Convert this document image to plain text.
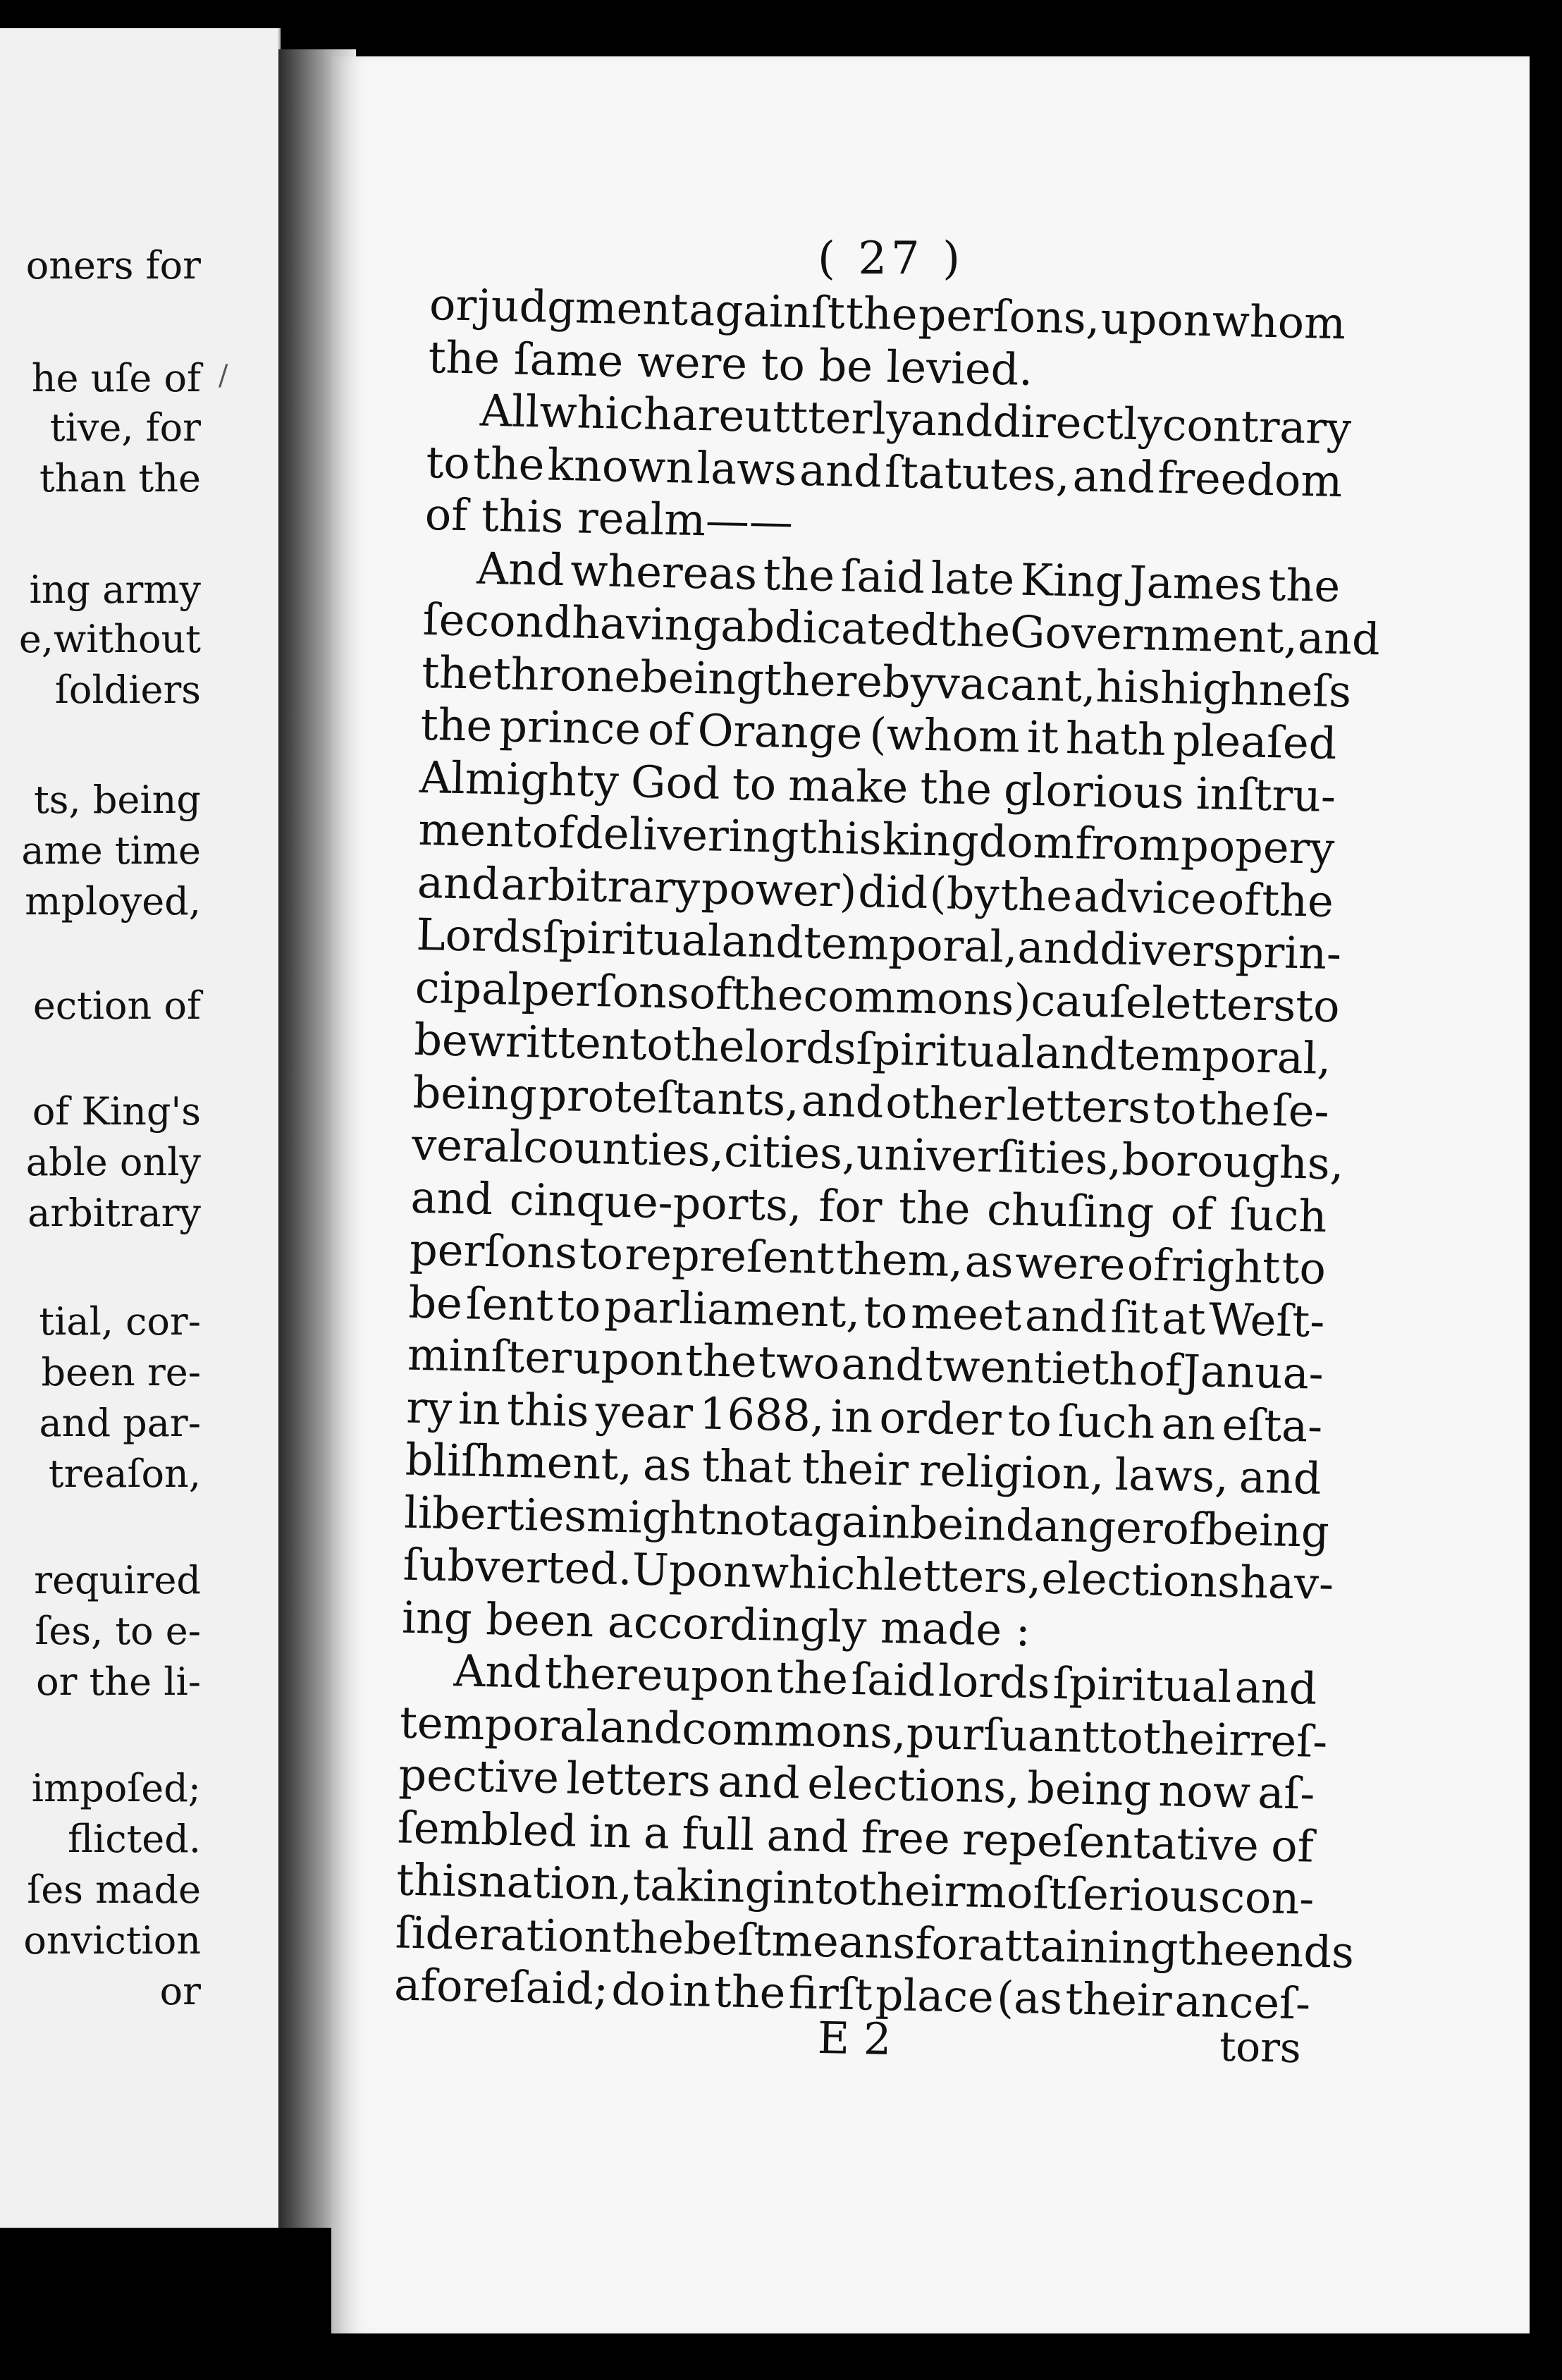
oners for
he uſe of
tive, for
than the
ing army
e,without
ſoldiers
ts, being
ame time
mployed,
ection of
of King's
able only
arbitrary
tial, cor-
been re-
and par-
treaſon,
required
ſes, to e-
or the li-
impoſed;
flicted.
ſes made
onviction
or
/
( 27 )
or judgment againſt the perſons, upon whom
the ſame were to be levied.
All
which
are
uttterly
and
directly
contrary
to the known laws and ſtatutes, and freedom
of this realm——
And whereas the ſaid late King James the
ſecond
having
abdicated
the
Government,
and
the
throne
being
thereby
vacant,
his
highneſs
the prince of Orange (whom it hath pleaſed
Almighty God to make the glorious inſtru-
ment of delivering this kingdom from popery
and arbitrary power) did (by the advice of the
Lords
ſpiritual
and
temporal,
and
divers
prin-
cipal
perſons
of
the
commons)cauſe
letters
to
be
written
to
the
lords
ſpiritual
and
temporal,
being proteſtants, and other letters to the ſe-
veral
counties,
cities,
univerſities,
boroughs,
and cinque-ports, for the chuſing of ſuch
perſons to repreſent them, as were of right to
be ſent to parliament, to meet and ſit at Weſt-
minſter upon the two and twentieth of Janua-
ry in this year 1688, in order to ſuch an eſta-
bliſhment, as that their religion, laws, and
liberties
might
not
again
be
in
danger
of
being
ſubverted.
Upon
which
letters,
elections
hav-
ing been accordingly made :
And thereupon the ſaid lords ſpiritual and
temporal
and
commons,
purſuant
to
their
reſ-
pective letters and elections, being now aſ-
ſembled in a full and free repeſentative of
this
nation,
taking
into
their
moſt
ſerious
con-
ſideration
the
beſt
means
for
attaining
the
ends
aforeſaid; do in the firſt place (as their anceſ-
E 2	tors
